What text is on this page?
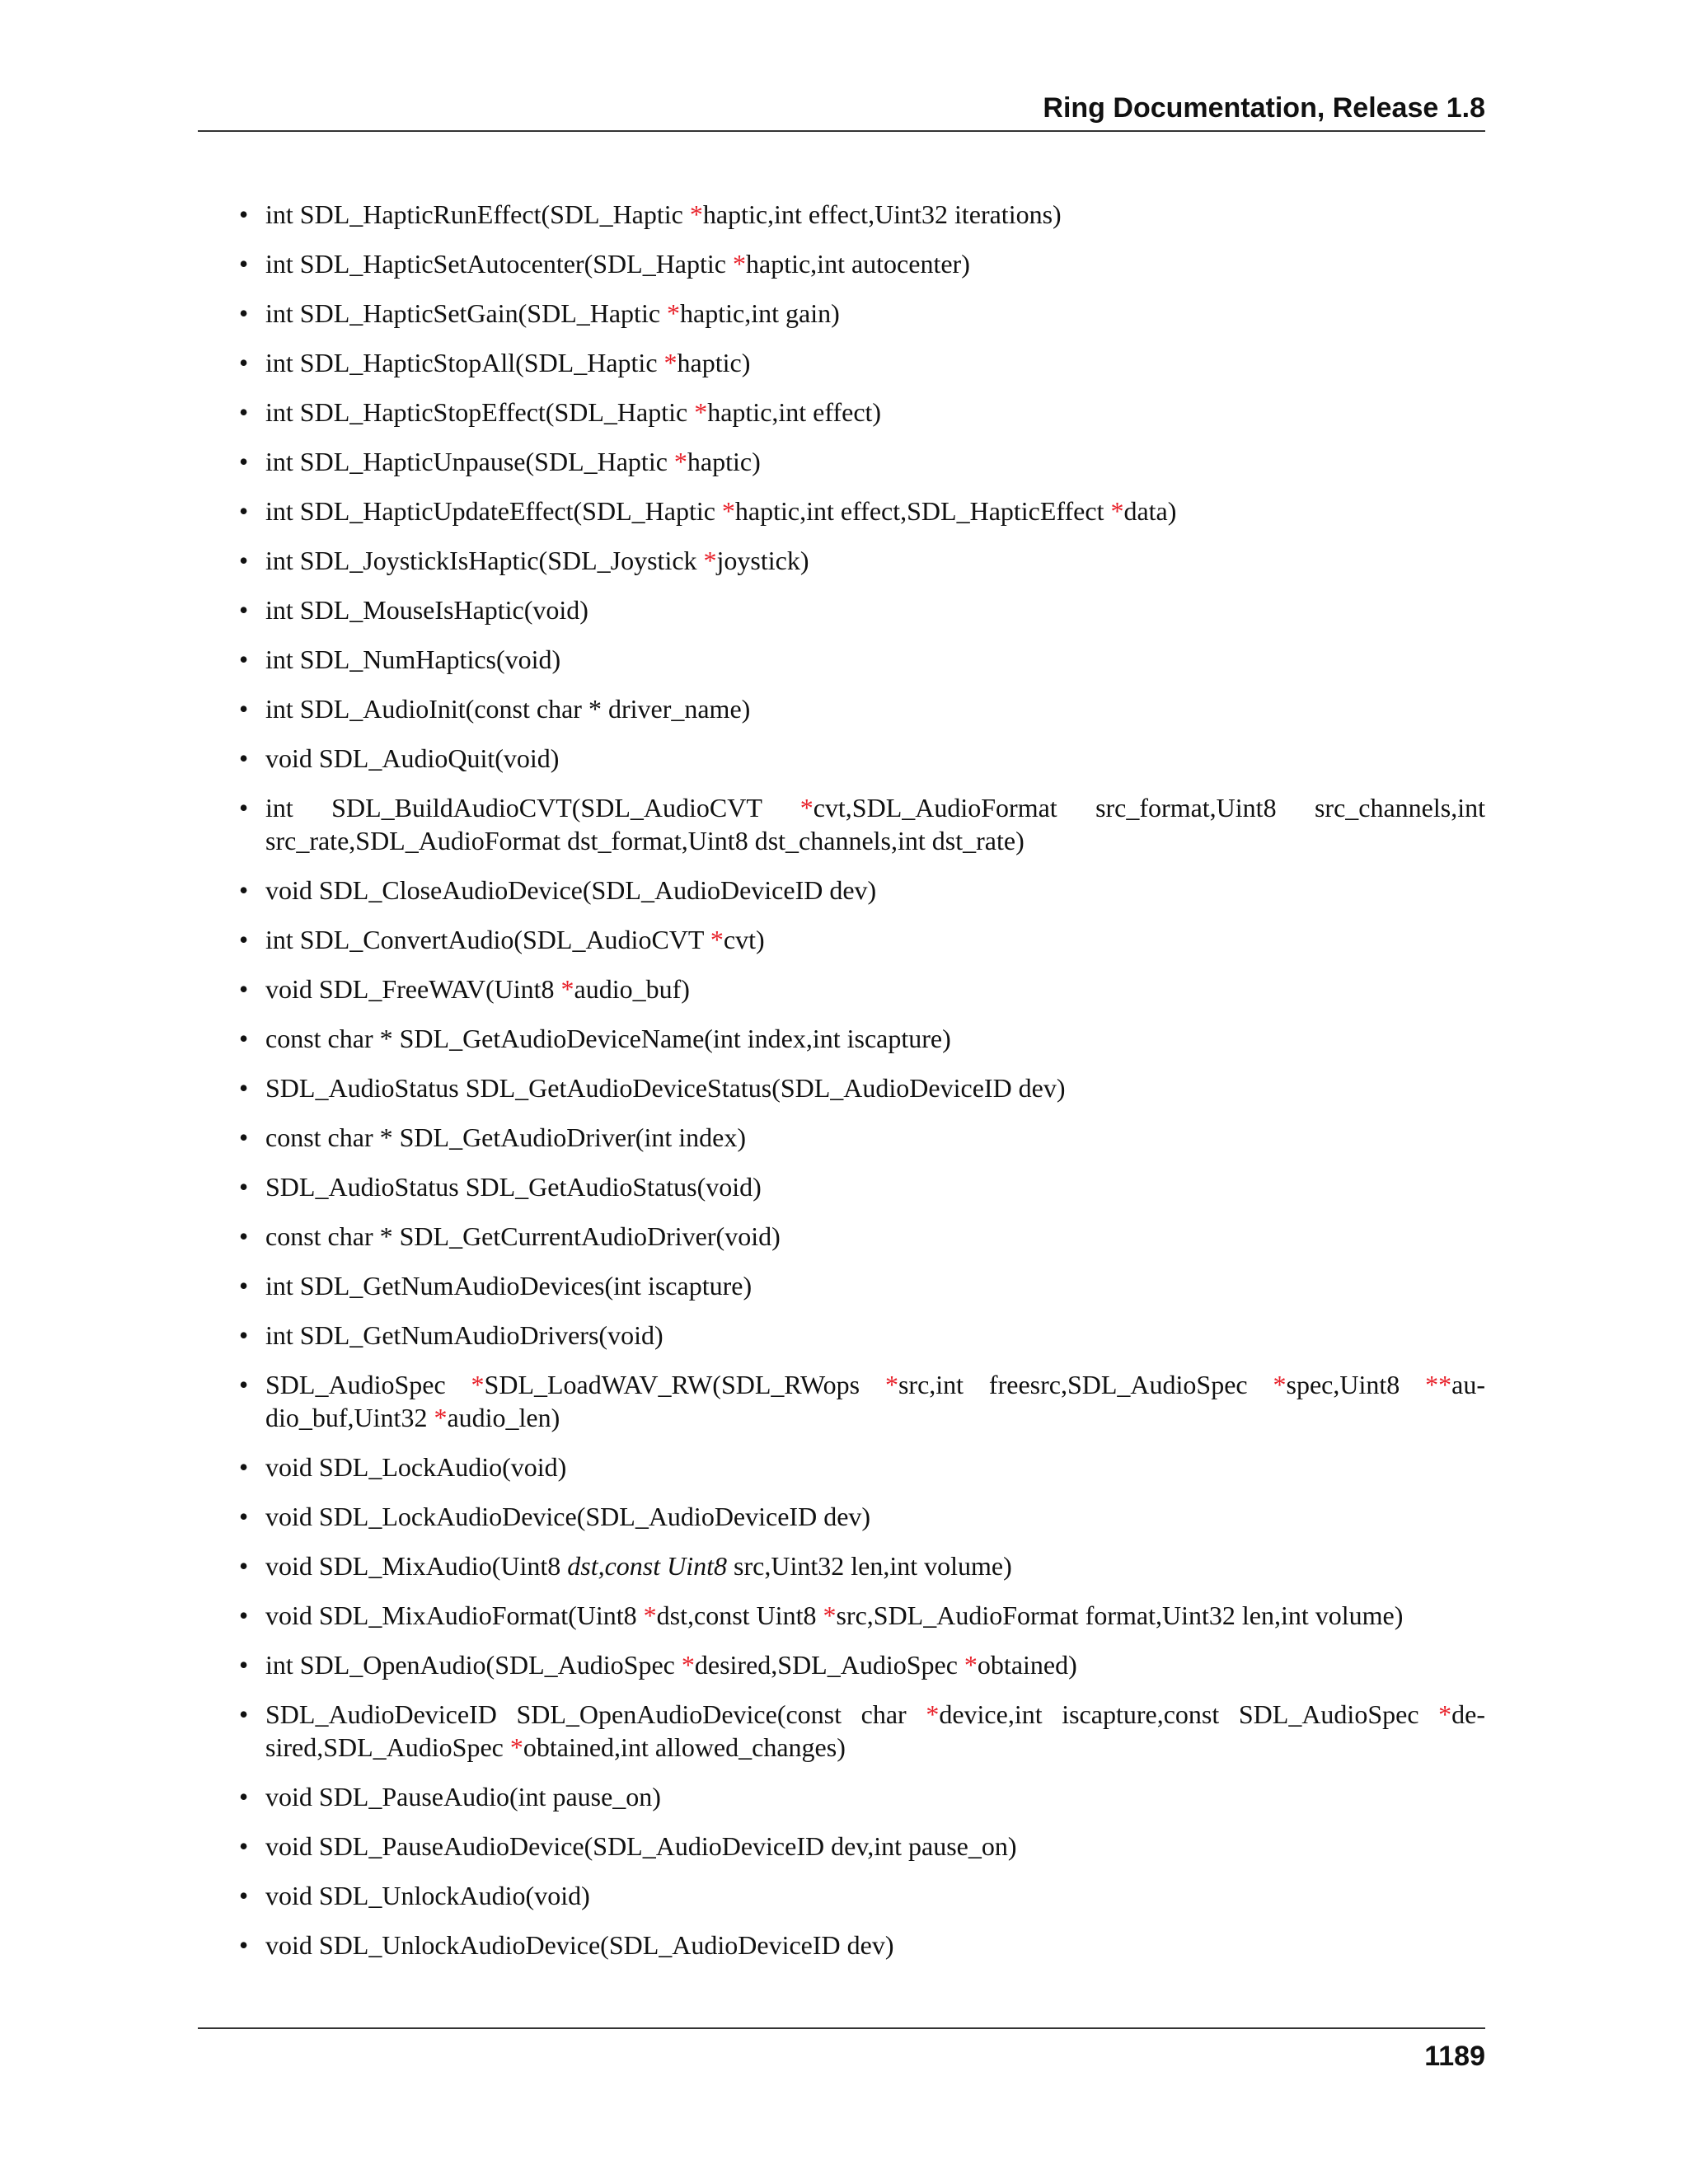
Ring Documentation, Release 1.8
• int SDL_HapticRunEffect(SDL_Haptic *haptic,int effect,Uint32 iterations)
• int SDL_HapticSetAutocenter(SDL_Haptic *haptic,int autocenter)
• int SDL_HapticSetGain(SDL_Haptic *haptic,int gain)
• int SDL_HapticStopAll(SDL_Haptic *haptic)
• int SDL_HapticStopEffect(SDL_Haptic *haptic,int effect)
• int SDL_HapticUnpause(SDL_Haptic *haptic)
• int SDL_HapticUpdateEffect(SDL_Haptic *haptic,int effect,SDL_HapticEffect *data)
• int SDL_JoystickIsHaptic(SDL_Joystick *joystick)
• int SDL_MouseIsHaptic(void)
• int SDL_NumHaptics(void)
• int SDL_AudioInit(const char * driver_name)
• void SDL_AudioQuit(void)
• int SDL_BuildAudioCVT(SDL_AudioCVT *cvt,SDL_AudioFormat src_format,Uint8 src_channels,int src_rate,SDL_AudioFormat dst_format,Uint8 dst_channels,int dst_rate)
• void SDL_CloseAudioDevice(SDL_AudioDeviceID dev)
• int SDL_ConvertAudio(SDL_AudioCVT *cvt)
• void SDL_FreeWAV(Uint8 *audio_buf)
• const char * SDL_GetAudioDeviceName(int index,int iscapture)
• SDL_AudioStatus SDL_GetAudioDeviceStatus(SDL_AudioDeviceID dev)
• const char * SDL_GetAudioDriver(int index)
• SDL_AudioStatus SDL_GetAudioStatus(void)
• const char * SDL_GetCurrentAudioDriver(void)
• int SDL_GetNumAudioDevices(int iscapture)
• int SDL_GetNumAudioDrivers(void)
• SDL_AudioSpec *SDL_LoadWAV_RW(SDL_RWops *src,int freesrc,SDL_AudioSpec *spec,Uint8 **audio_buf,Uint32 *audio_len)
• void SDL_LockAudio(void)
• void SDL_LockAudioDevice(SDL_AudioDeviceID dev)
• void SDL_MixAudio(Uint8 dst,const Uint8 src,Uint32 len,int volume)
• void SDL_MixAudioFormat(Uint8 *dst,const Uint8 *src,SDL_AudioFormat format,Uint32 len,int volume)
• int SDL_OpenAudio(SDL_AudioSpec *desired,SDL_AudioSpec *obtained)
• SDL_AudioDeviceID SDL_OpenAudioDevice(const char *device,int iscapture,const SDL_AudioSpec *desired,SDL_AudioSpec *obtained,int allowed_changes)
• void SDL_PauseAudio(int pause_on)
• void SDL_PauseAudioDevice(SDL_AudioDeviceID dev,int pause_on)
• void SDL_UnlockAudio(void)
• void SDL_UnlockAudioDevice(SDL_AudioDeviceID dev)
1189
